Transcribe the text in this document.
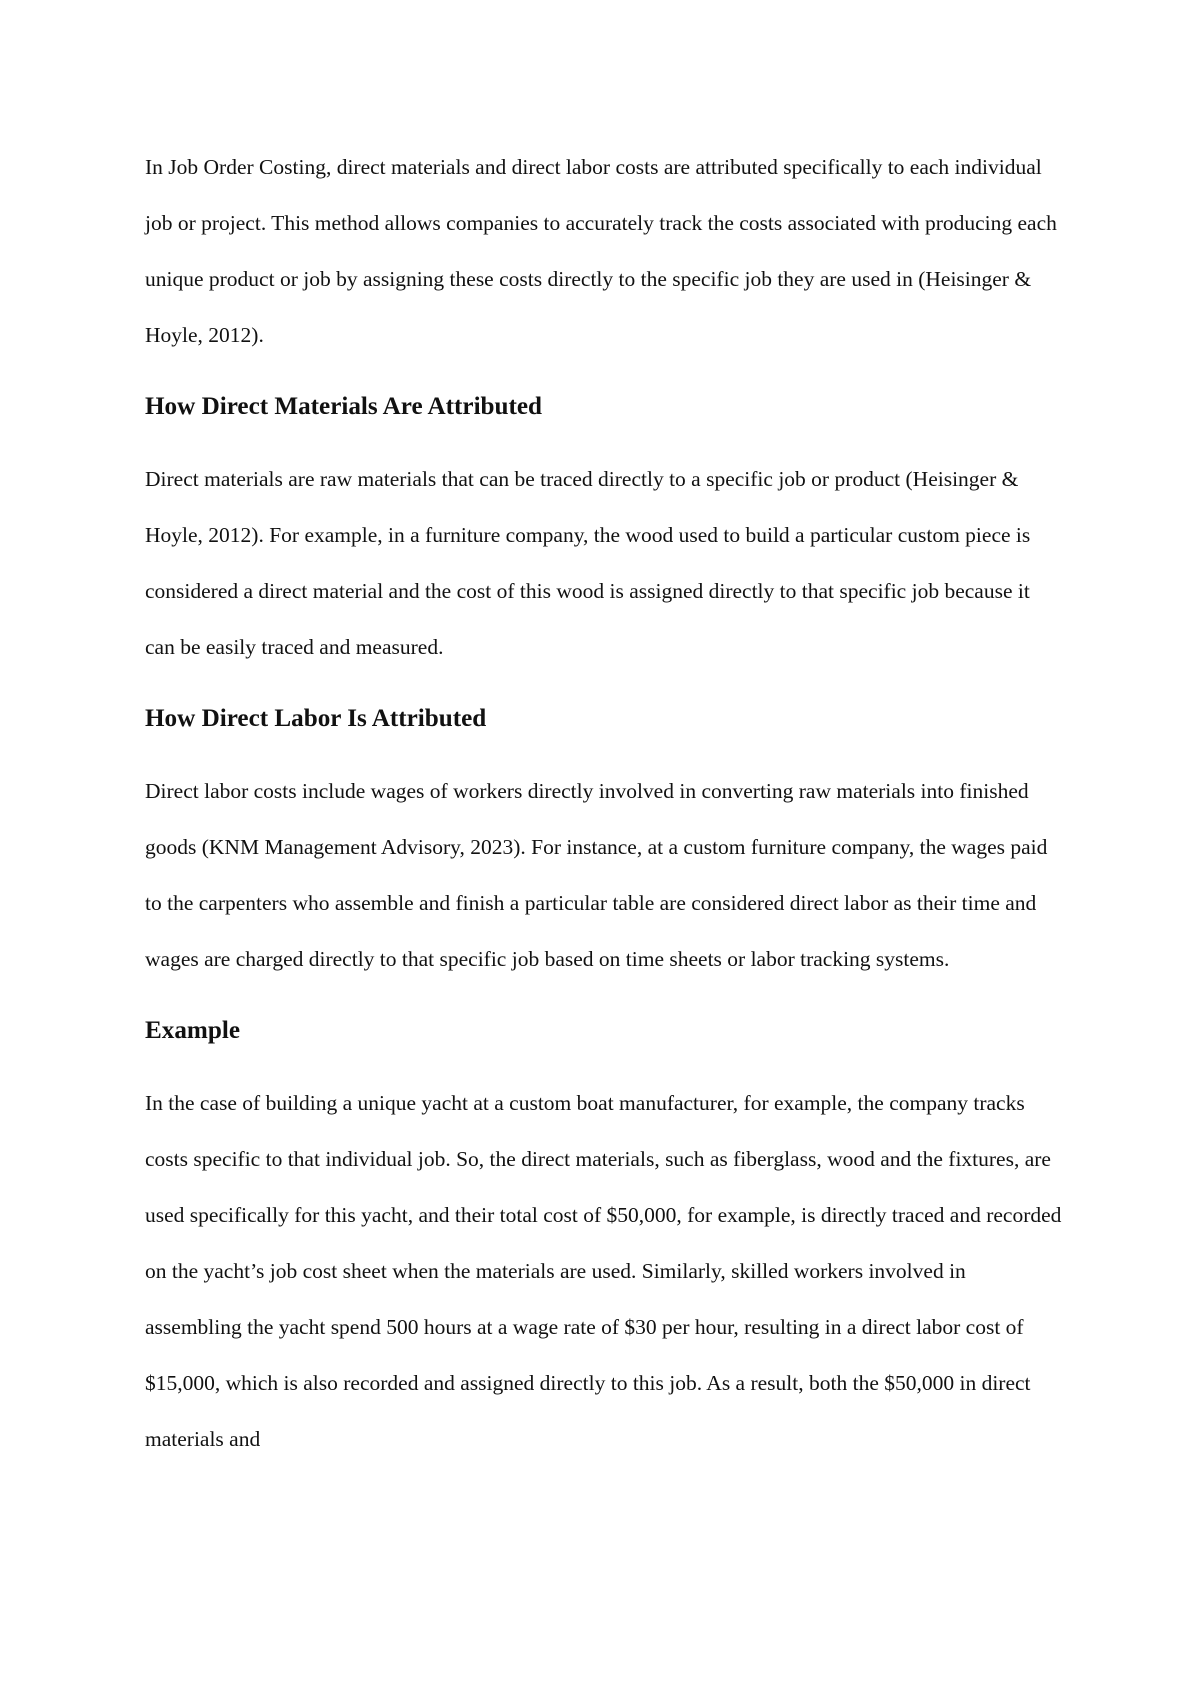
In Job Order Costing, direct materials and direct labor costs are attributed specifically to each individual job or project. This method allows companies to accurately track the costs associated with producing each unique product or job by assigning these costs directly to the specific job they are used in (Heisinger & Hoyle, 2012).

How Direct Materials Are Attributed

Direct materials are raw materials that can be traced directly to a specific job or product (Heisinger & Hoyle, 2012). For example, in a furniture company, the wood used to build a particular custom piece is considered a direct material and the cost of this wood is assigned directly to that specific job because it can be easily traced and measured.

How Direct Labor Is Attributed

Direct labor costs include wages of workers directly involved in converting raw materials into finished goods (KNM Management Advisory, 2023). For instance, at a custom furniture company, the wages paid to the carpenters who assemble and finish a particular table are considered direct labor as their time and wages are charged directly to that specific job based on time sheets or labor tracking systems.

Example

In the case of building a unique yacht at a custom boat manufacturer, for example, the company tracks costs specific to that individual job. So, the direct materials, such as fiberglass, wood and the fixtures, are used specifically for this yacht, and their total cost of $50,000, for example, is directly traced and recorded on the yacht’s job cost sheet when the materials are used. Similarly, skilled workers involved in assembling the yacht spend 500 hours at a wage rate of $30 per hour, resulting in a direct labor cost of $15,000, which is also recorded and assigned directly to this job. As a result, both the $50,000 in direct materials and
